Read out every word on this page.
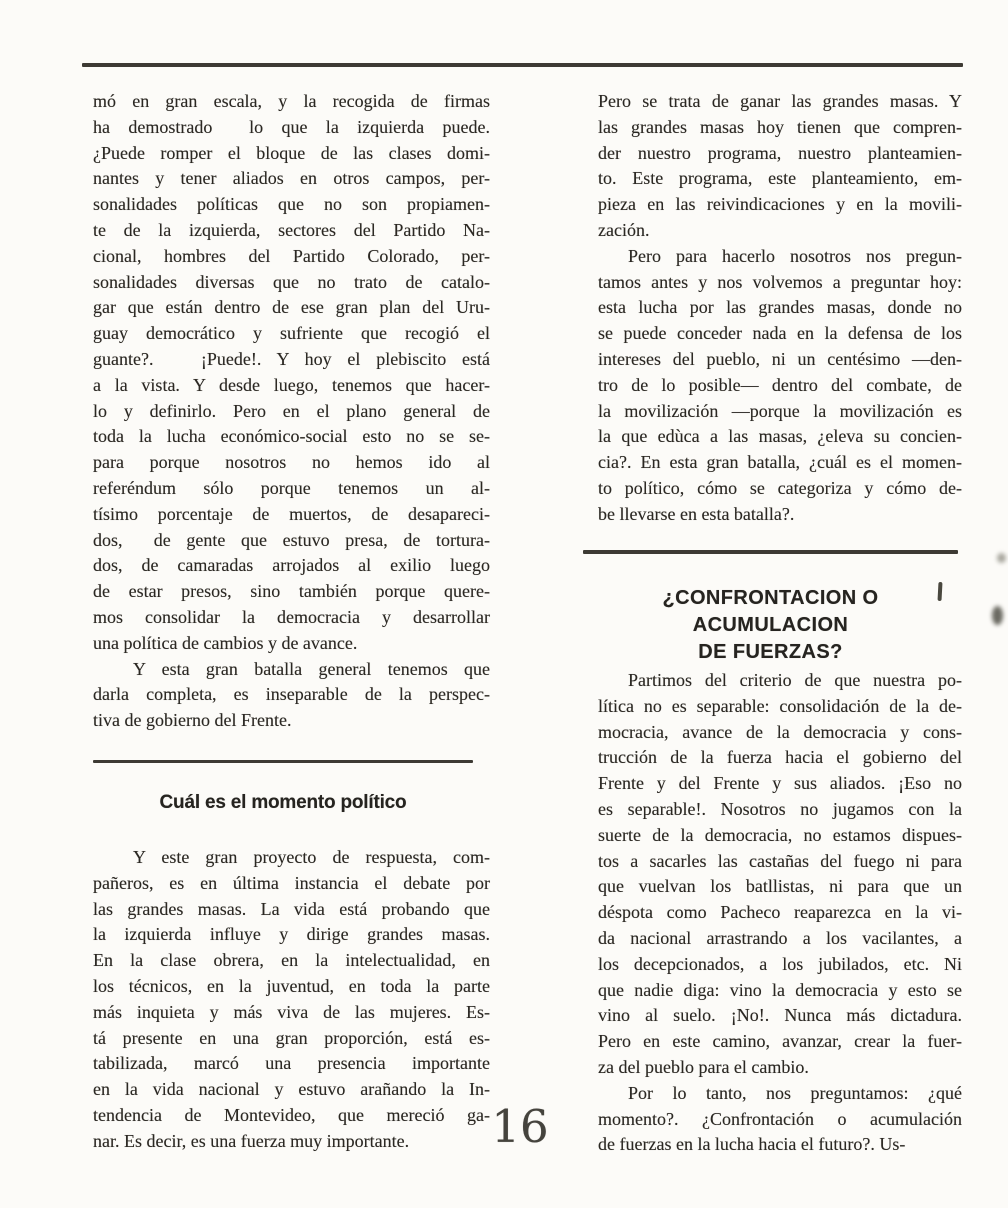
mó en gran escala, y la recogida de firmas
ha demostrado  lo que la izquierda puede.
¿Puede romper el bloque de las clases domi-
nantes y tener aliados en otros campos, per-
sonalidades políticas que no son propiamen-
te de la izquierda, sectores del Partido Na-
cional, hombres del Partido Colorado, per-
sonalidades diversas que no trato de catalo-
gar que están dentro de ese gran plan del Uru-
guay democrático y sufriente que recogió el
guante?.   ¡Puede!. Y hoy el plebiscito está
a la vista. Y desde luego, tenemos que hacer-
lo y definirlo. Pero en el plano general de
toda la lucha económico-social esto no se se-
para porque nosotros no hemos ido al
referéndum sólo porque tenemos un al-
tísimo porcentaje de muertos, de desapareci-
dos,  de gente que estuvo presa, de tortura-
dos, de camaradas arrojados al exilio luego
de estar presos, sino también porque quere-
mos consolidar la democracia y desarrollar
una política de cambios y de avance.
Y esta gran batalla general tenemos que
darla completa, es inseparable de la perspec-
tiva de gobierno del Frente.
Cuál es el momento político
Y este gran proyecto de respuesta, com-
pañeros, es en última instancia el debate por
las grandes masas. La vida está probando que
la izquierda influye y dirige grandes masas.
En la clase obrera, en la intelectualidad, en
los técnicos, en la juventud, en toda la parte
más inquieta y más viva de las mujeres. Es-
tá presente en una gran proporción, está es-
tabilizada, marcó una presencia importante
en la vida nacional y estuvo arañando la In-
tendencia de Montevideo, que mereció ga-
nar. Es decir, es una fuerza muy importante.
Pero se trata de ganar las grandes masas. Y
las grandes masas hoy tienen que compren-
der nuestro programa, nuestro planteamien-
to. Este programa, este planteamiento, em-
pieza en las reivindicaciones y en la movili-
zación.
Pero para hacerlo nosotros nos pregun-
tamos antes y nos volvemos a preguntar hoy:
esta lucha por las grandes masas, donde no
se puede conceder nada en la defensa de los
intereses del pueblo, ni un centésimo —den-
tro de lo posible— dentro del combate, de
la movilización —porque la movilización es
la que edùca a las masas, ¿eleva su concien-
cia?. En esta gran batalla, ¿cuál es el momen-
to político, cómo se categoriza y cómo de-
be llevarse en esta batalla?.
¿CONFRONTACION O ACUMULACION
DE FUERZAS?
Partimos del criterio de que nuestra po-
lítica no es separable: consolidación de la de-
mocracia, avance de la democracia y cons-
trucción de la fuerza hacia el gobierno del
Frente y del Frente y sus aliados. ¡Eso no
es separable!. Nosotros no jugamos con la
suerte de la democracia, no estamos dispues-
tos a sacarles las castañas del fuego ni para
que vuelvan los batllistas, ni para que un
déspota como Pacheco reaparezca en la vi-
da nacional arrastrando a los vacilantes, a
los decepcionados, a los jubilados, etc. Ni
que nadie diga: vino la democracia y esto se
vino al suelo. ¡No!. Nunca más dictadura.
Pero en este camino, avanzar, crear la fuer-
za del pueblo para el cambio.
Por lo tanto, nos preguntamos: ¿qué
momento?. ¿Confrontación o acumulación
de fuerzas en la lucha hacia el futuro?. Us-
16
